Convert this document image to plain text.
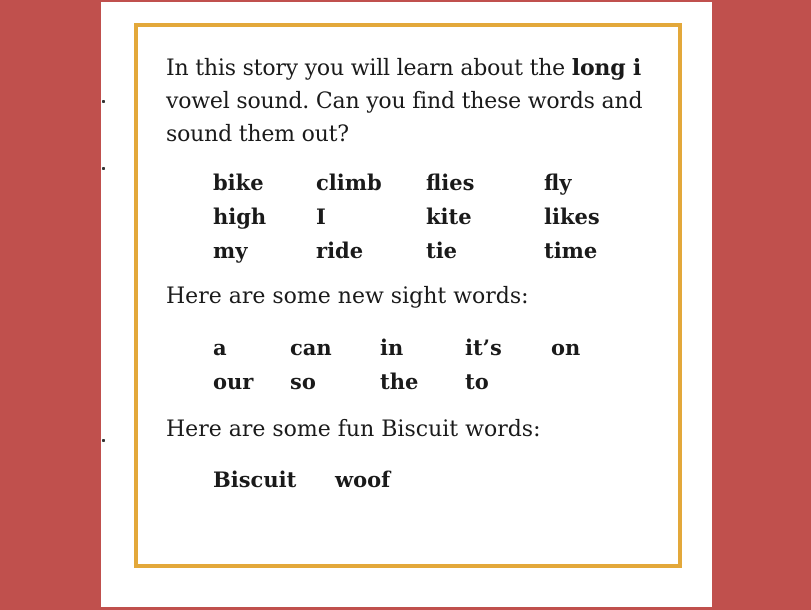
In this story you will learn about the long i vowel sound. Can you find these words and sound them out?

bike	climb	flies	fly
high	I	kite	likes
my	ride	tie	time

Here are some new sight words:

a	can	in	it’s	on
our	so	the	to

Here are some fun Biscuit words:

Biscuit	woof
